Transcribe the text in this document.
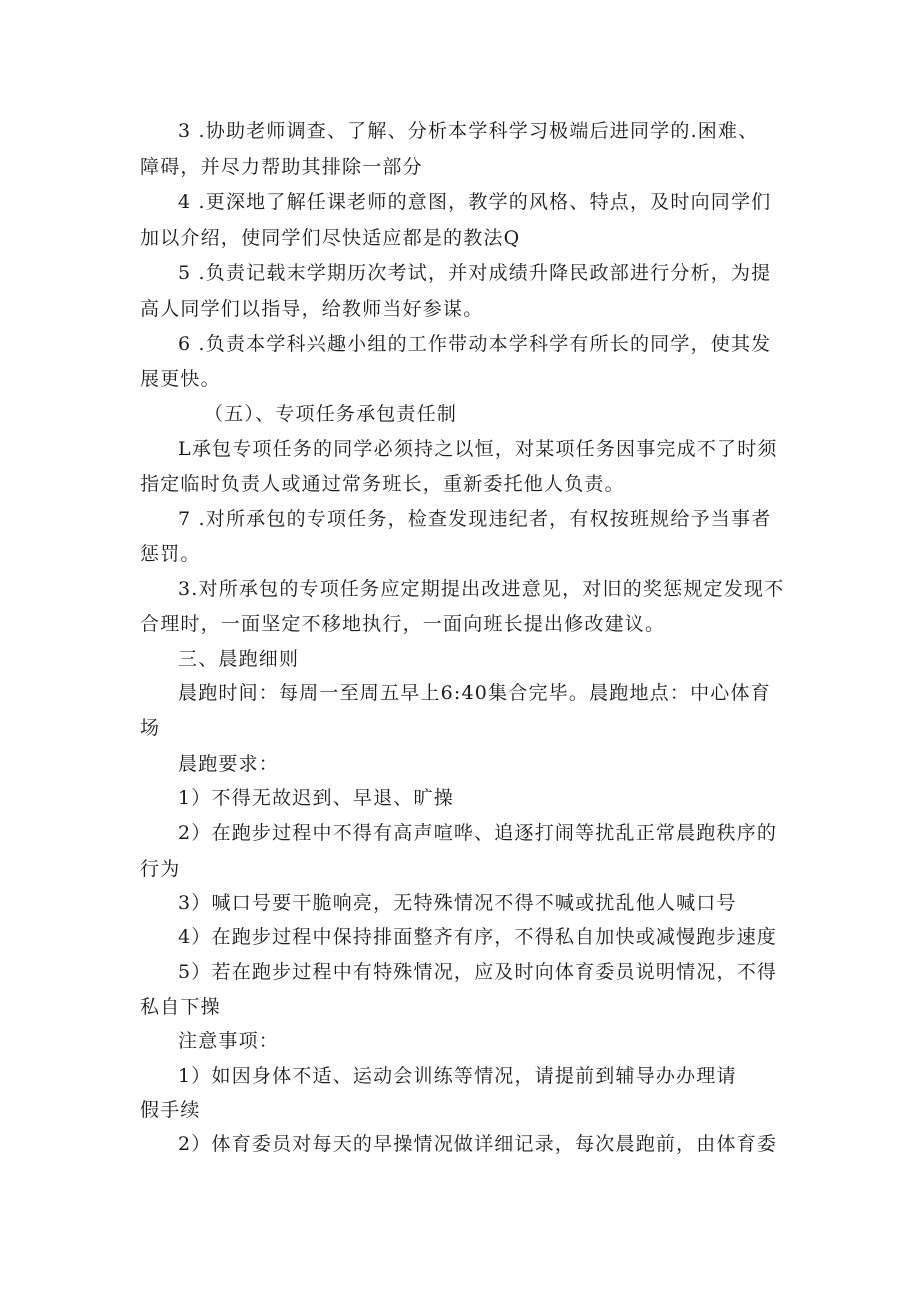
3 .协助老师调查、了解、分析本学科学习极端后进同学的.困难、
障碍，并尽力帮助其排除一部分
4 .更深地了解任课老师的意图，教学的风格、特点，及时向同学们
加以介绍，使同学们尽快适应都是的教法Q
5 .负责记载末学期历次考试，并对成绩升降民政部进行分析，为提
高人同学们以指导，给教师当好参谋。
6 .负责本学科兴趣小组的工作带动本学科学有所长的同学，使其发
展更快。
（五）、专项任务承包责任制
L承包专项任务的同学必须持之以恒，对某项任务因事完成不了时须
指定临时负责人或通过常务班长，重新委托他人负责。
7 .对所承包的专项任务，检查发现违纪者，有权按班规给予当事者
惩罚。
3.对所承包的专项任务应定期提出改进意见，对旧的奖惩规定发现不
合理时，一面坚定不移地执行，一面向班长提出修改建议。
三、晨跑细则
晨跑时间：每周一至周五早上6:40集合完毕。晨跑地点：中心体育
场
晨跑要求：
1）不得无故迟到、早退、旷操
2）在跑步过程中不得有高声喧哗、追逐打闹等扰乱正常晨跑秩序的
行为
3）喊口号要干脆响亮，无特殊情况不得不喊或扰乱他人喊口号
4）在跑步过程中保持排面整齐有序，不得私自加快或减慢跑步速度
5）若在跑步过程中有特殊情况，应及时向体育委员说明情况，不得
私自下操
注意事项：
1）如因身体不适、运动会训练等情况，请提前到辅导办办理请
假手续
2）体育委员对每天的早操情况做详细记录，每次晨跑前，由体育委
